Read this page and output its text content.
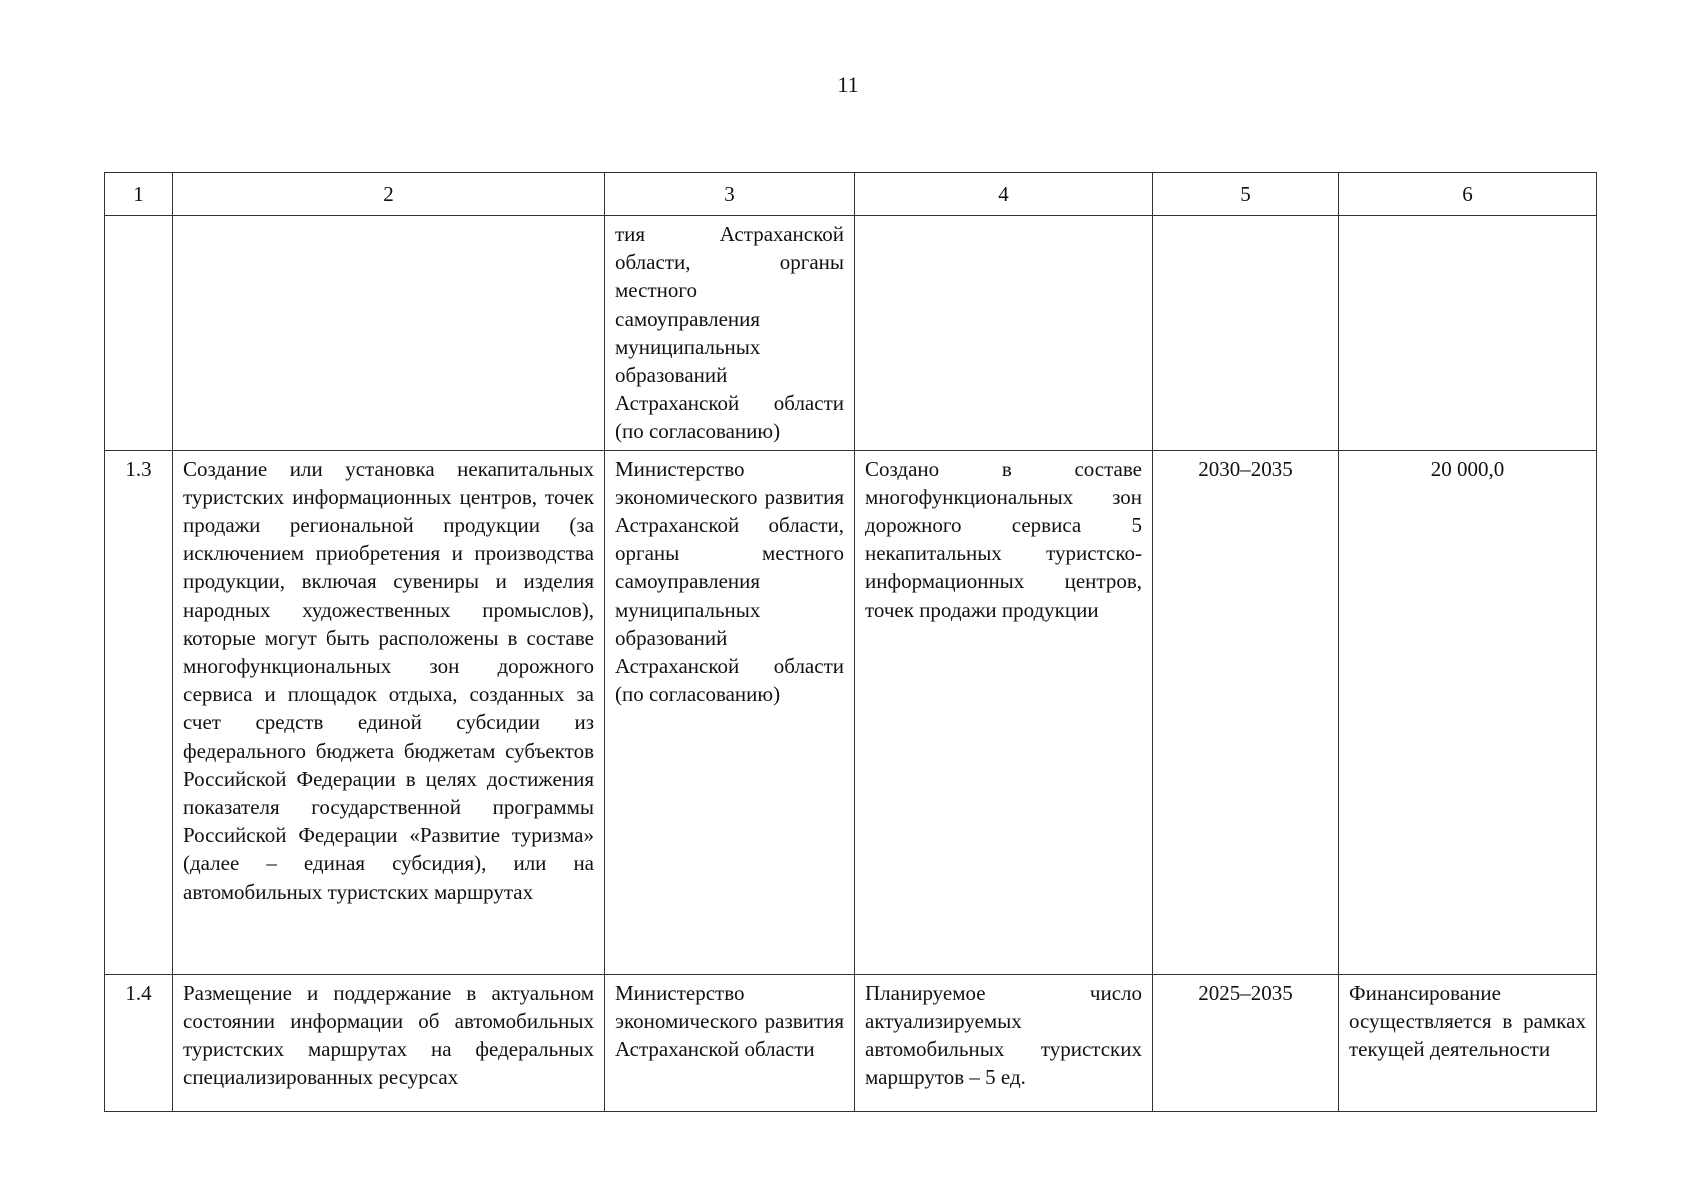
11
1	2	3	4	5	6
		тия Астраханской области, органы местного самоуправления муниципальных образований Астраханской области (по согласованию)			
1.3	Создание или установка некапитальных туристских информационных центров, точек продажи региональной продукции (за исключением приобретения и производства продукции, включая сувениры и изделия народных художественных промыслов), которые могут быть расположены в составе многофункциональных зон дорожного сервиса и площадок отдыха, созданных за счет средств единой субсидии из федерального бюджета бюджетам субъектов Российской Федерации в целях достижения показателя государственной программы Российской Федерации «Развитие туризма» (далее – единая субсидия), или на автомобильных туристских маршрутах	Министерство экономического развития Астраханской области, органы местного самоуправления муниципальных образований Астраханской области (по согласованию)	Создано в составе многофункциональных зон дорожного сервиса 5 некапитальных туристско-информационных центров, точек продажи продукции	2030–2035	20 000,0
1.4	Размещение и поддержание в актуальном состоянии информации об автомобильных туристских маршрутах на федеральных специализированных ресурсах	Министерство экономического развития Астраханской области	Планируемое число актуализируемых автомобильных туристских маршрутов – 5 ед.	2025–2035	Финансирование осуществляется в рамках текущей деятельности
